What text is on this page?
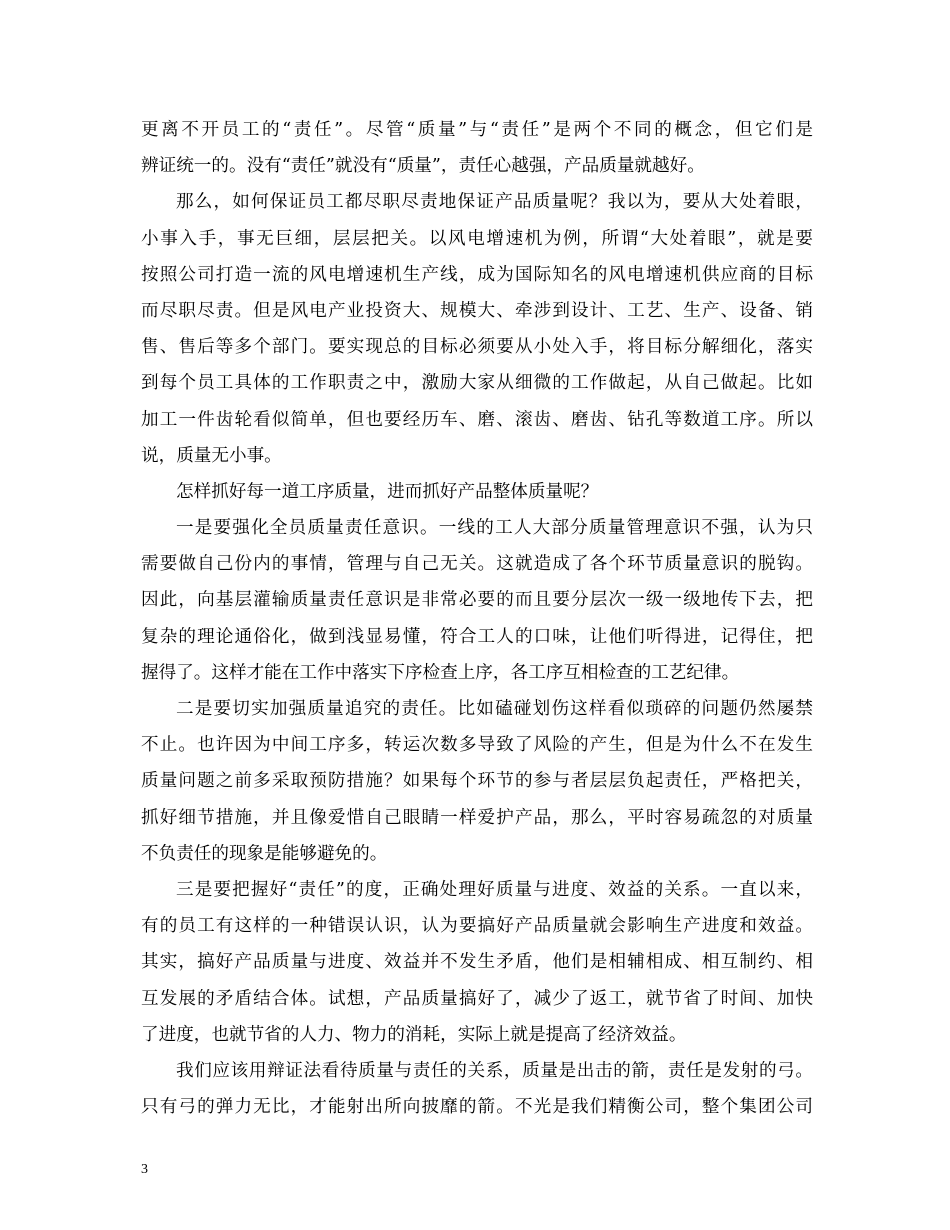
更离不开员工的“责任”。尽管“质量”与“责任”是两个不同的概念，但它们是
辨证统一的。没有“责任”就没有“质量”，责任心越强，产品质量就越好。
那么，如何保证员工都尽职尽责地保证产品质量呢？我以为，要从大处着眼，
小事入手，事无巨细，层层把关。以风电增速机为例，所谓“大处着眼”，就是要
按照公司打造一流的风电增速机生产线，成为国际知名的风电增速机供应商的目标
而尽职尽责。但是风电产业投资大、规模大、牵涉到设计、工艺、生产、设备、销
售、售后等多个部门。要实现总的目标必须要从小处入手，将目标分解细化，落实
到每个员工具体的工作职责之中，激励大家从细微的工作做起，从自己做起。比如
加工一件齿轮看似简单，但也要经历车、磨、滚齿、磨齿、钻孔等数道工序。所以
说，质量无小事。
怎样抓好每一道工序质量，进而抓好产品整体质量呢？
一是要强化全员质量责任意识。一线的工人大部分质量管理意识不强，认为只
需要做自己份内的事情，管理与自己无关。这就造成了各个环节质量意识的脱钩。
因此，向基层灌输质量责任意识是非常必要的而且要分层次一级一级地传下去，把
复杂的理论通俗化，做到浅显易懂，符合工人的口味，让他们听得进，记得住，把
握得了。这样才能在工作中落实下序检查上序，各工序互相检查的工艺纪律。
二是要切实加强质量追究的责任。比如磕碰划伤这样看似琐碎的问题仍然屡禁
不止。也许因为中间工序多，转运次数多导致了风险的产生，但是为什么不在发生
质量问题之前多采取预防措施？如果每个环节的参与者层层负起责任，严格把关，
抓好细节措施，并且像爱惜自己眼睛一样爱护产品，那么，平时容易疏忽的对质量
不负责任的现象是能够避免的。
三是要把握好“责任”的度，正确处理好质量与进度、效益的关系。一直以来，
有的员工有这样的一种错误认识，认为要搞好产品质量就会影响生产进度和效益。
其实，搞好产品质量与进度、效益并不发生矛盾，他们是相辅相成、相互制约、相
互发展的矛盾结合体。试想，产品质量搞好了，减少了返工，就节省了时间、加快
了进度，也就节省的人力、物力的消耗，实际上就是提高了经济效益。
我们应该用辩证法看待质量与责任的关系，质量是出击的箭，责任是发射的弓。
只有弓的弹力无比，才能射出所向披靡的箭。不光是我们精衡公司，整个集团公司
3
